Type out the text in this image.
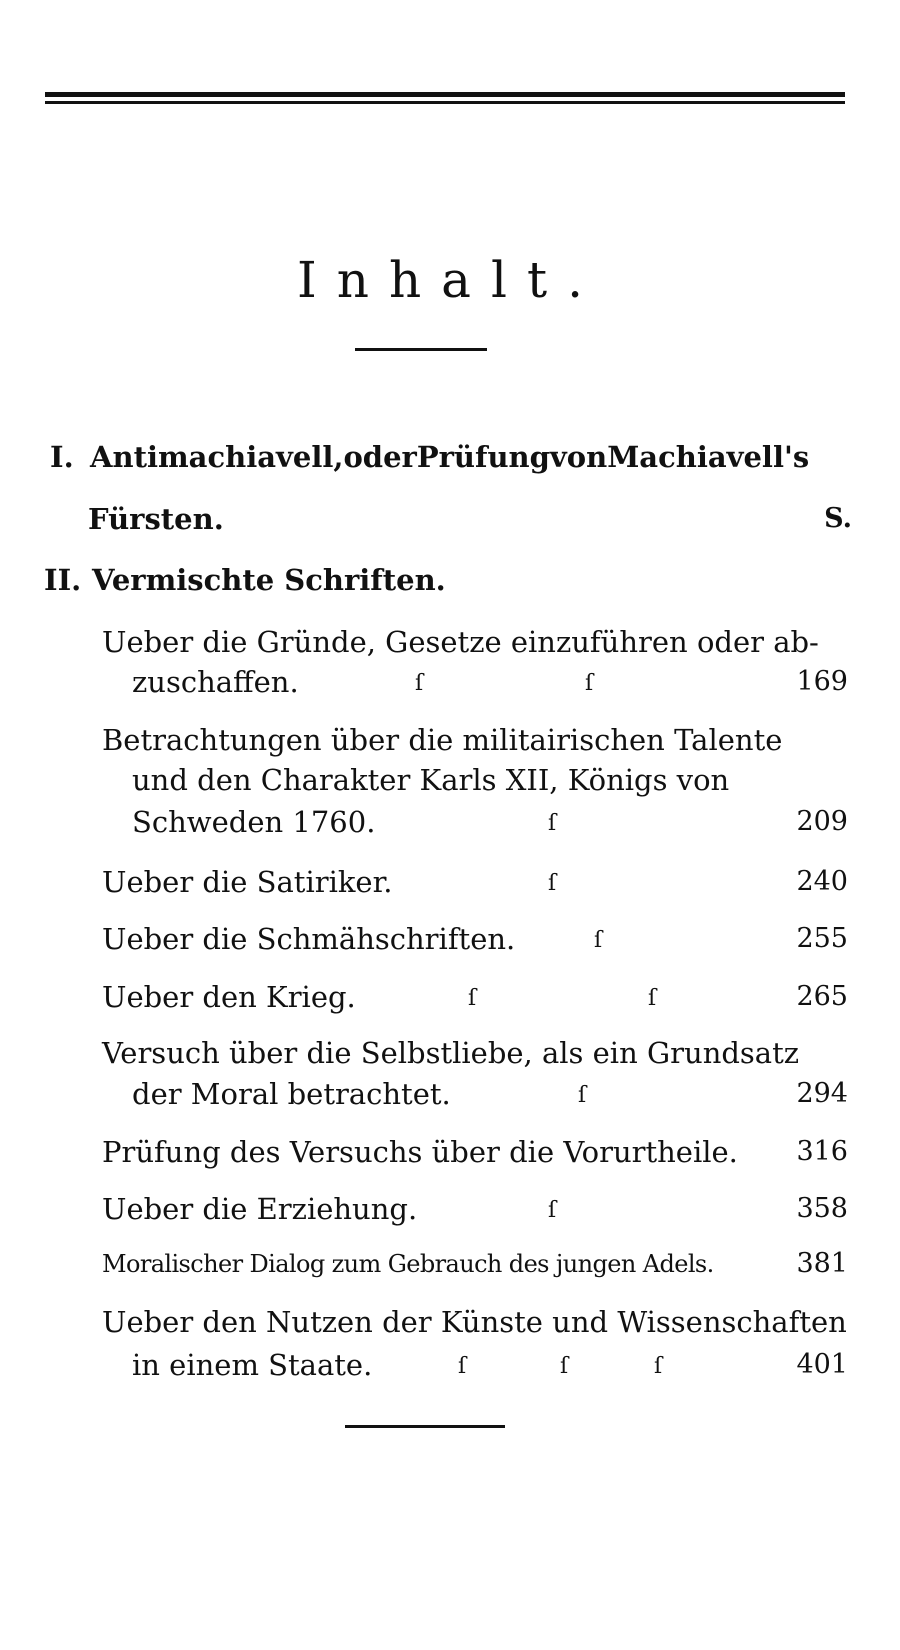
Inhalt.
I. Antimachiavell, oder Prüfung von Machiavell's
Fürsten.	S.
II. Vermischte Schriften.
Ueber die Gründe, Gesetze einzuführen oder ab-
zuschaffen.	ſ	ſ	169
Betrachtungen über die militairischen Talente
und den Charakter Karls XII, Königs von
Schweden 1760.	ſ	209
Ueber die Satiriker.	ſ	240
Ueber die Schmähschriften.	ſ	255
Ueber den Krieg.	ſ	ſ	265
Versuch über die Selbstliebe, als ein Grundsatz
der Moral betrachtet.	ſ	294
Prüfung des Versuchs über die Vorurtheile. 316
Ueber die Erziehung.	ſ	358
Moralischer Dialog zum Gebrauch des jungen Adels.	381
Ueber den Nutzen der Künste und Wissenschaften
in einem Staate.	ſ	ſ	ſ	401
